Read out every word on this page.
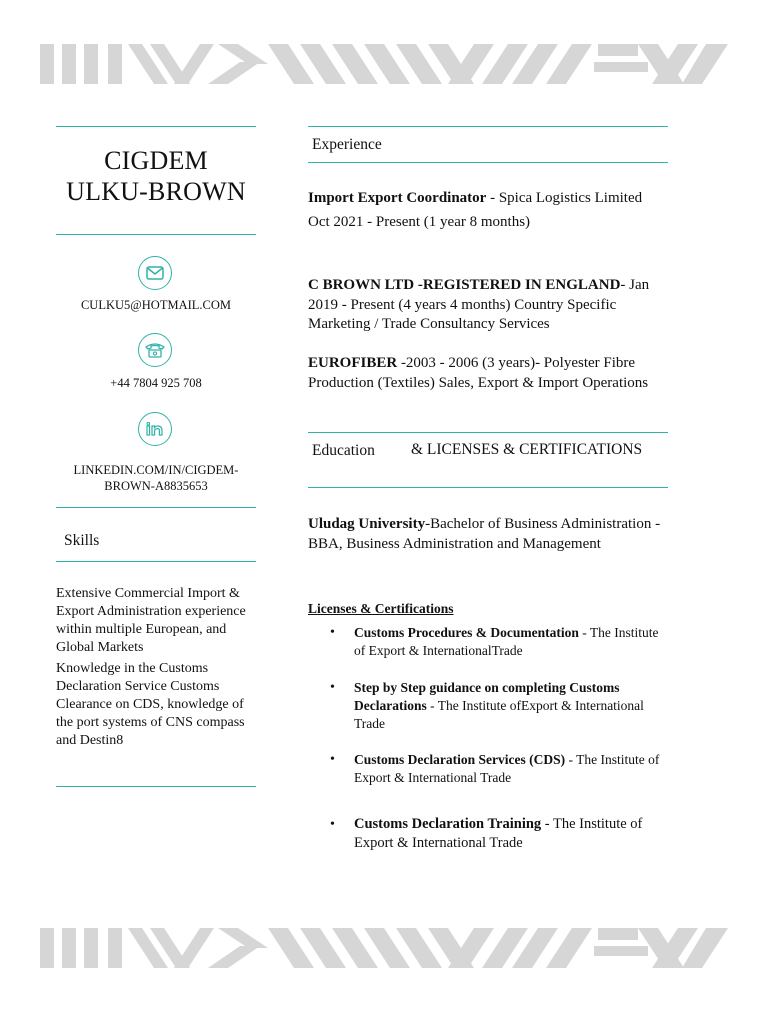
CIGDEM
ULKU-BROWN
CULKU5@HOTMAIL.COM
+44 7804 925 708
LINKEDIN.COM/IN/CIGDEM-BROWN-A8835653
Skills

Extensive Commercial Import & Export Administration experience within multiple European, and Global Markets

Knowledge in the Customs Declaration Service Customs Clearance on CDS, knowledge of the port systems of CNS compass and Destin8

Experience

Import Export Coordinator - Spica Logistics Limited

Oct 2021 - Present (1 year 8 months)

C BROWN LTD -REGISTERED IN ENGLAND- Jan 2019 - Present (4 years 4 months) Country Specific Marketing / Trade Consultancy Services

EUROFIBER -2003 - 2006 (3 years)- Polyester Fibre Production (Textiles) Sales, Export & Import Operations

Education & LICENSES & CERTIFICATIONS

Uludag University-Bachelor of Business Administration - BBA, Business Administration and Management

Licenses & Certifications
• Customs Procedures & Documentation - The Institute of Export & InternationalTrade
• Step by Step guidance on completing Customs Declarations - The Institute ofExport & International Trade
• Customs Declaration Services (CDS) - The Institute of Export & International Trade
• Customs Declaration Training - The Institute of Export & International Trade
